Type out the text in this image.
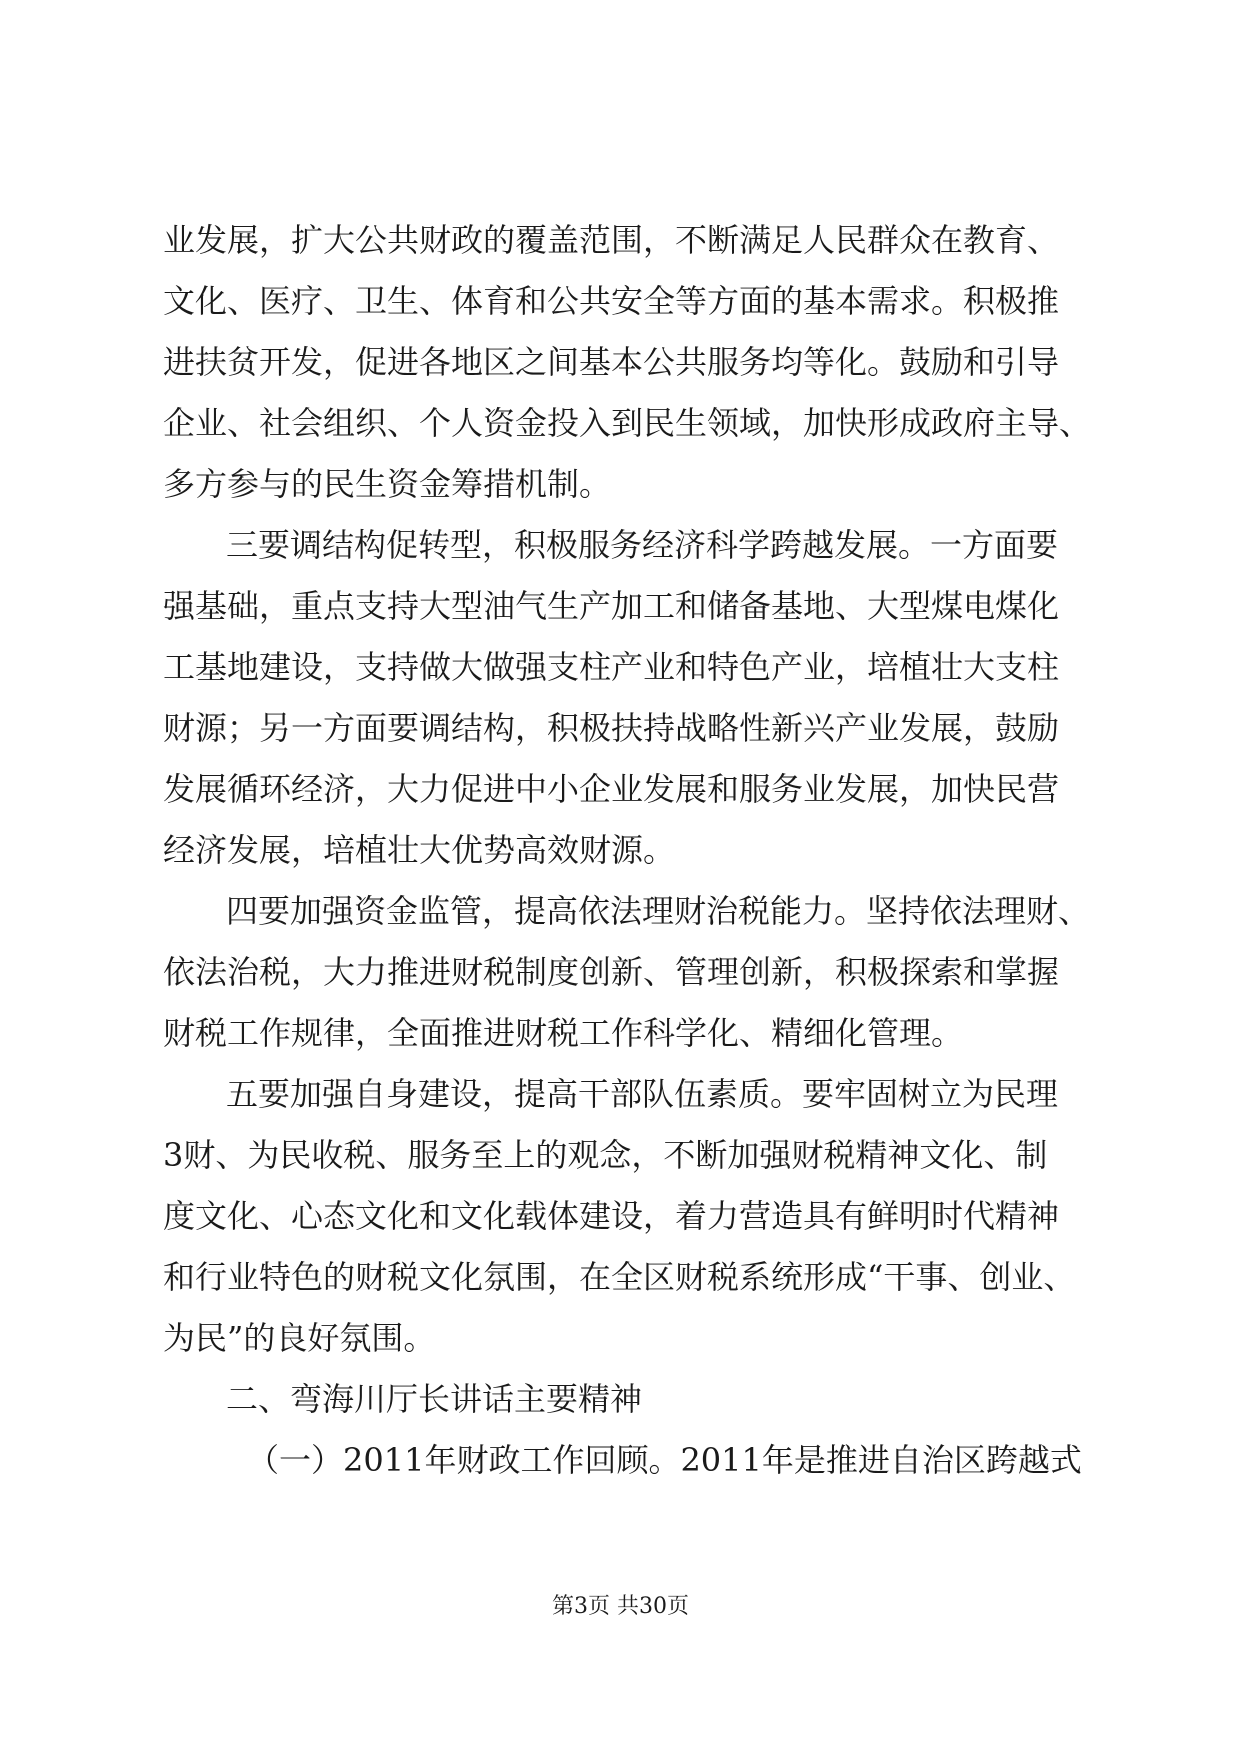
业发展，扩大公共财政的覆盖范围，不断满足人民群众在教育、
文化、医疗、卫生、体育和公共安全等方面的基本需求。积极推
进扶贫开发，促进各地区之间基本公共服务均等化。鼓励和引导
企业、社会组织、个人资金投入到民生领域，加快形成政府主导、
多方参与的民生资金筹措机制。
三要调结构促转型，积极服务经济科学跨越发展。一方面要
强基础，重点支持大型油气生产加工和储备基地、大型煤电煤化
工基地建设，支持做大做强支柱产业和特色产业，培植壮大支柱
财源；另一方面要调结构，积极扶持战略性新兴产业发展，鼓励
发展循环经济，大力促进中小企业发展和服务业发展，加快民营
经济发展，培植壮大优势高效财源。
四要加强资金监管，提高依法理财治税能力。坚持依法理财、
依法治税，大力推进财税制度创新、管理创新，积极探索和掌握
财税工作规律，全面推进财税工作科学化、精细化管理。
五要加强自身建设，提高干部队伍素质。要牢固树立为民理
3财、为民收税、服务至上的观念，不断加强财税精神文化、制
度文化、心态文化和文化载体建设，着力营造具有鲜明时代精神
和行业特色的财税文化氛围，在全区财税系统形成“干事、创业、
为民”的良好氛围。
二、弯海川厅长讲话主要精神
（一）2011年财政工作回顾。2011年是推进自治区跨越式
第3页 共30页
